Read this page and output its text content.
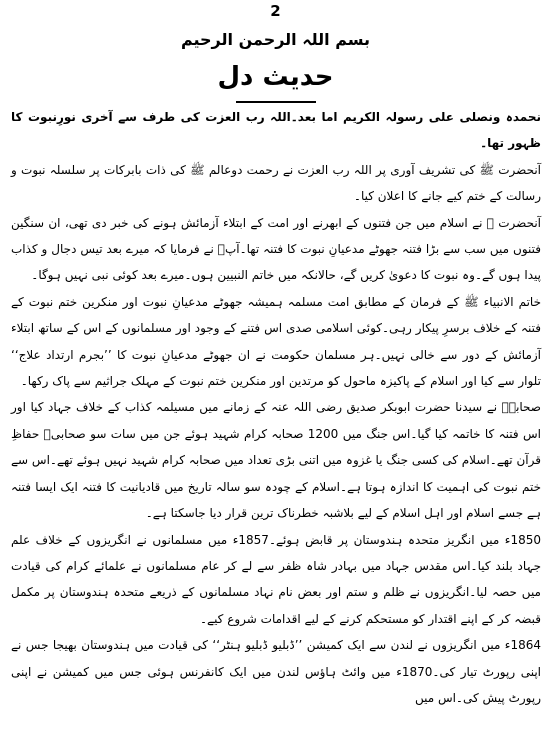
2
بسم اللہ الرحمن الرحیم
حدیث دل

نحمدہ ونصلی علی رسولہ الکریم اما بعد۔اللہ رب العزت کی طرف سے آخری نورِنبوت کا ظہور تھا۔

آنحضرت ﷺ کی تشریف آوری پر اللہ رب العزت نے رحمت دوعالم ﷺ کی ذات بابرکات پر سلسلہ نبوت و رسالت کے ختم کیے جانے کا اعلان کیا۔

آنحضرت ﷺ نے اسلام میں جن فتنوں کے ابھرنے اور امت کے ابتلاء آزمائش ہونے کی خبر دی تھی، ان سنگین فتنوں میں سب سے بڑا فتنہ جھوٹے مدعیانِ نبوت کا فتنہ تھا۔آپؐ نے فرمایا کہ میرے بعد تیس دجال و کذاب پیدا ہوں گے۔وہ نبوت کا دعویٰ کریں گے، حالانکہ میں خاتم النبیین ہوں۔میرے بعد کوئی نبی نہیں ہوگا۔

خاتم الانبیاء ﷺ کے فرمان کے مطابق امت مسلمہ ہمیشہ جھوٹے مدعیانِ نبوت اور منکرین ختم نبوت کے فتنہ کے خلاف برسرِ پیکار رہی۔کوئی اسلامی صدی اس فتنے کے وجود اور مسلمانوں کے اس کے ساتھ ابتلاء آزمائش کے دور سے خالی نہیں۔ہر مسلمان حکومت نے ان جھوٹے مدعیانِ نبوت کا ’’بجرم ارتداد علاج‘‘ تلوار سے کیا اور اسلام کے پاکیزہ ماحول کو مرتدین اور منکرین ختم نبوت کے مہلک جراثیم سے پاک رکھا۔

صحابہؓ نے سیدنا حضرت ابوبکر صدیق رضی اللہ عنہ کے زمانے میں مسیلمہ کذاب کے خلاف جہاد کیا اور اس فتنہ کا خاتمہ کیا گیا۔اس جنگ میں 1200 صحابہ کرام شہید ہوئے جن میں سات سو صحابیؓ حفاظِ قرآن تھے۔اسلام کی کسی جنگ یا غزوہ میں اتنی بڑی تعداد میں صحابہ کرام شہید نہیں ہوئے تھے۔اس سے ختم نبوت کی اہمیت کا اندازہ ہوتا ہے۔اسلام کے چودہ سو سالہ تاریخ میں قادیانیت کا فتنہ ایک ایسا فتنہ ہے جسے اسلام اور اہل اسلام کے لیے بلاشبہ خطرناک ترین قرار دیا جاسکتا ہے۔

1850ء میں انگریز متحدہ ہندوستان پر قابض ہوئے۔1857ء میں مسلمانوں نے انگریزوں کے خلاف علم جہاد بلند کیا۔اس مقدس جہاد میں بہادر شاہ ظفر سے لے کر عام مسلمانوں نے علمائے کرام کی قیادت میں حصہ لیا۔انگریزوں نے ظلم و ستم اور بعض نام نہاد مسلمانوں کے ذریعے متحدہ ہندوستان پر مکمل قبضہ کر کے اپنے اقتدار کو مستحکم کرنے کے لیے اقدامات شروع کیے۔

1864ء میں انگریزوں نے لندن سے ایک کمیشن ’’ڈبلیو ڈبلیو ہنٹر‘‘ کی قیادت میں ہندوستان بھیجا جس نے اپنی رپورٹ تیار کی۔1870ء میں وائٹ ہاؤس لندن میں ایک کانفرنس ہوئی جس میں کمیشن نے اپنی رپورٹ پیش کی۔اس میں
